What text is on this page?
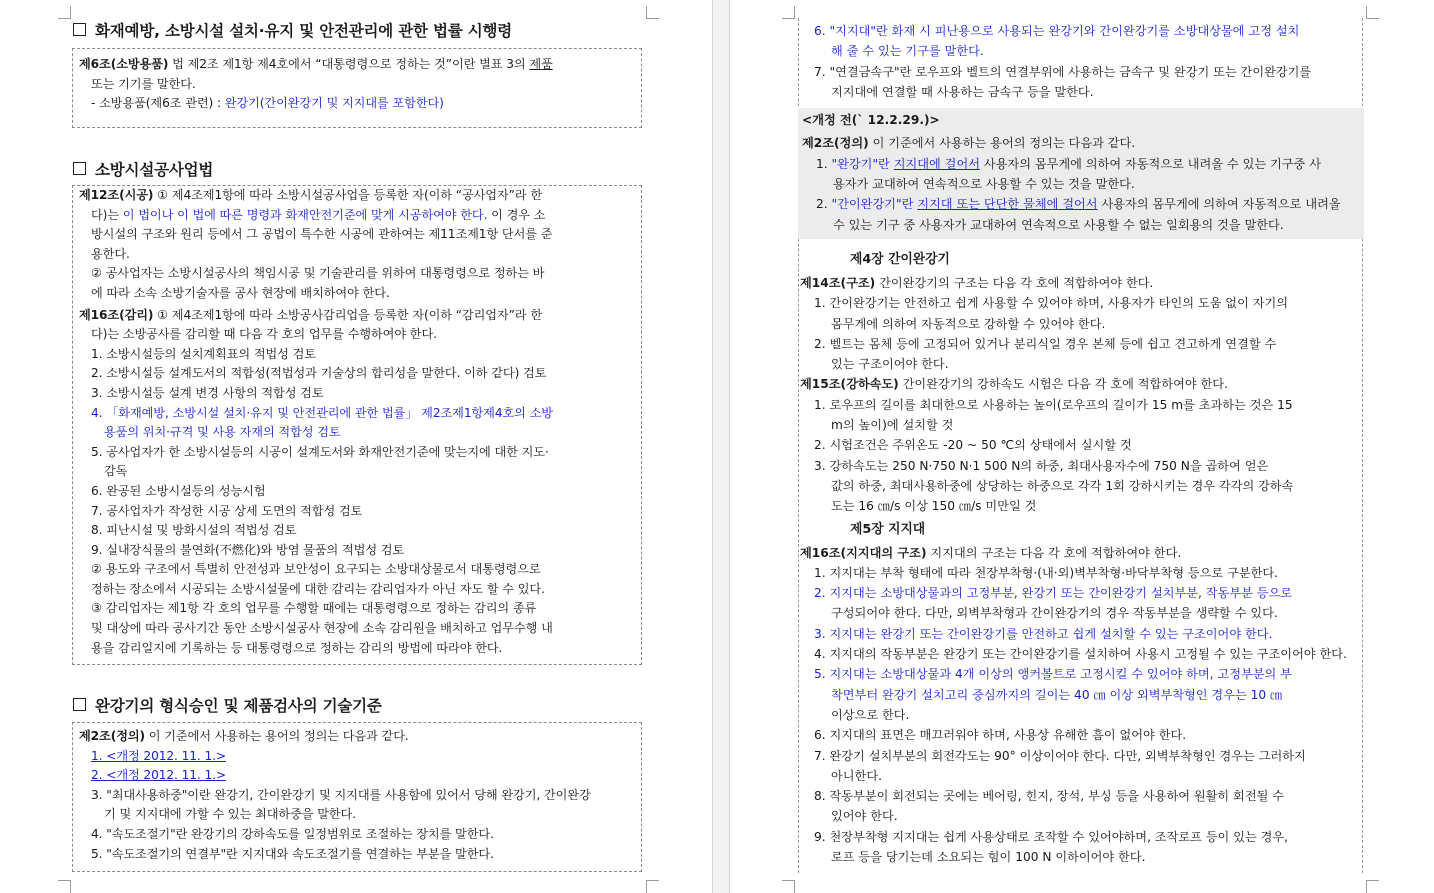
화재예방, 소방시설 설치·유지 및 안전관리에 관한 법률 시행령
제6조(소방용품) 법 제2조 제1항 제4호에서 “대통령령으로 정하는 것”이란 별표 3의 제품
또는 기기를 말한다.
- 소방용품(제6조 관련) : 완강기(간이완강기 및 지지대를 포함한다)
소방시설공사업법
제12조(시공) ① 제4조제1항에 따라 소방시설공사업을 등록한 자(이하 “공사업자”라 한
다)는 이 법이나 이 법에 따른 명령과 화재안전기준에 맞게 시공하여야 한다. 이 경우 소
방시설의 구조와 원리 등에서 그 공법이 특수한 시공에 관하여는 제11조제1항 단서를 준
용한다.
② 공사업자는 소방시설공사의 책임시공 및 기술관리를 위하여 대통령령으로 정하는 바
에 따라 소속 소방기술자를 공사 현장에 배치하여야 한다.
제16조(감리) ① 제4조제1항에 따라 소방공사감리업을 등록한 자(이하 “감리업자”라 한
다)는 소방공사를 감리할 때 다음 각 호의 업무를 수행하여야 한다.
1. 소방시설등의 설치계획표의 적법성 검토
2. 소방시설등 설계도서의 적합성(적법성과 기술상의 합리성을 말한다. 이하 같다) 검토
3. 소방시설등 설계 변경 사항의 적합성 검토
4. 「화재예방, 소방시설 설치·유지 및 안전관리에 관한 법률」 제2조제1항제4호의 소방
용품의 위치·규격 및 사용 자재의 적합성 검토
5. 공사업자가 한 소방시설등의 시공이 설계도서와 화재안전기준에 맞는지에 대한 지도·
감독
6. 완공된 소방시설등의 성능시험
7. 공사업자가 작성한 시공 상세 도면의 적합성 검토
8. 피난시설 및 방화시설의 적법성 검토
9. 실내장식물의 불연화(不燃化)와 방염 물품의 적법성 검토
② 용도와 구조에서 특별히 안전성과 보안성이 요구되는 소방대상물로서 대통령령으로
정하는 장소에서 시공되는 소방시설물에 대한 감리는 감리업자가 아닌 자도 할 수 있다.
③ 감리업자는 제1항 각 호의 업무를 수행할 때에는 대통령령으로 정하는 감리의 종류
및 대상에 따라 공사기간 동안 소방시설공사 현장에 소속 감리원을 배치하고 업무수행 내
용을 감리일지에 기록하는 등 대통령령으로 정하는 감리의 방법에 따라야 한다.
완강기의 형식승인 및 제품검사의 기술기준
제2조(정의) 이 기준에서 사용하는 용어의 정의는 다음과 같다.
1. <개정 2012. 11. 1.>
2. <개정 2012. 11. 1.>
3. "최대사용하중"이란 완강기, 간이완강기 및 지지대를 사용함에 있어서 당해 완강기, 간이완강
기 및 지지대에 가할 수 있는 최대하중을 말한다.
4. "속도조절기"란 완강기의 강하속도를 일정범위로 조절하는 장치를 말한다.
5. "속도조절기의 연결부"란 지지대와 속도조절기를 연결하는 부분을 말한다.
6. "지지대"란 화재 시 피난용으로 사용되는 완강기와 간이완강기를 소방대상물에 고정 설치
해 줄 수 있는 기구를 말한다.
7. "연결금속구"란 로우프와 벨트의 연결부위에 사용하는 금속구 및 완강기 또는 간이완강기를
지지대에 연결할 때 사용하는 금속구 등을 말한다.
<개정 전(` 12.2.29.)>
제2조(정의) 이 기준에서 사용하는 용어의 정의는 다음과 같다.
1. "완강기"란 지지대에 걸어서 사용자의 몸무게에 의하여 자동적으로 내려올 수 있는 기구중 사
용자가 교대하여 연속적으로 사용할 수 있는 것을 말한다.
2. "간이완강기"란 지지대 또는 단단한 물체에 걸어서 사용자의 몸무게에 의하여 자동적으로 내려올
수 있는 기구 중 사용자가 교대하여 연속적으로 사용할 수 없는 일회용의 것을 말한다.
제4장 간이완강기
제14조(구조) 간이완강기의 구조는 다음 각 호에 적합하여야 한다.
1. 간이완강기는 안전하고 쉽게 사용할 수 있어야 하며, 사용자가 타인의 도움 없이 자기의
몸무게에 의하여 자동적으로 강하할 수 있어야 한다.
2. 벨트는 몸체 등에 고정되어 있거나 분리식일 경우 본체 등에 쉽고 견고하게 연결할 수
있는 구조이어야 한다.
제15조(강하속도) 간이완강기의 강하속도 시험은 다음 각 호에 적합하여야 한다.
1. 로우프의 길이를 최대한으로 사용하는 높이(로우프의 길이가 15 m를 초과하는 것은 15
m의 높이)에 설치할 것
2. 시험조건은 주위온도 -20 ~ 50 ℃의 상태에서 실시할 것
3. 강하속도는 250 N·750 N·1 500 N의 하중, 최대사용자수에 750 N을 곱하여 얻은
값의 하중, 최대사용하중에 상당하는 하중으로 각각 1회 강하시키는 경우 각각의 강하속
도는 16 ㎝/s 이상 150 ㎝/s 미만일 것
제5장 지지대
제16조(지지대의 구조) 지지대의 구조는 다음 각 호에 적합하여야 한다.
1. 지지대는 부착 형태에 따라 천장부착형·(내·외)벽부착형·바닥부착형 등으로 구분한다.
2. 지지대는 소방대상물과의 고정부분, 완강기 또는 간이완강기 설치부분, 작동부분 등으로
구성되어야 한다. 다만, 외벽부착형과 간이완강기의 경우 작동부분을 생략할 수 있다.
3. 지지대는 완강기 또는 간이완강기를 안전하고 쉽게 설치할 수 있는 구조이어야 한다.
4. 지지대의 작동부분은 완강기 또는 간이완강기를 설치하여 사용시 고정될 수 있는 구조이어야 한다.
5. 지지대는 소방대상물과 4개 이상의 앵커볼트로 고정시킬 수 있어야 하며, 고정부분의 부
착면부터 완강기 설치고리 중심까지의 길이는 40 ㎝ 이상 외벽부착형인 경우는 10 ㎝
이상으로 한다.
6. 지지대의 표면은 매끄러워야 하며, 사용상 유해한 흠이 없어야 한다.
7. 완강기 설치부분의 회전각도는 90° 이상이어야 한다. 다만, 외벽부착형인 경우는 그러하지
아니한다.
8. 작동부분이 회전되는 곳에는 베어링, 힌지, 장석, 부싱 등을 사용하여 원활히 회전될 수
있어야 한다.
9. 천장부착형 지지대는 쉽게 사용상태로 조작할 수 있어야하며, 조작로프 등이 있는 경우,
로프 등을 당기는데 소요되는 힘이 100 N 이하이어야 한다.
